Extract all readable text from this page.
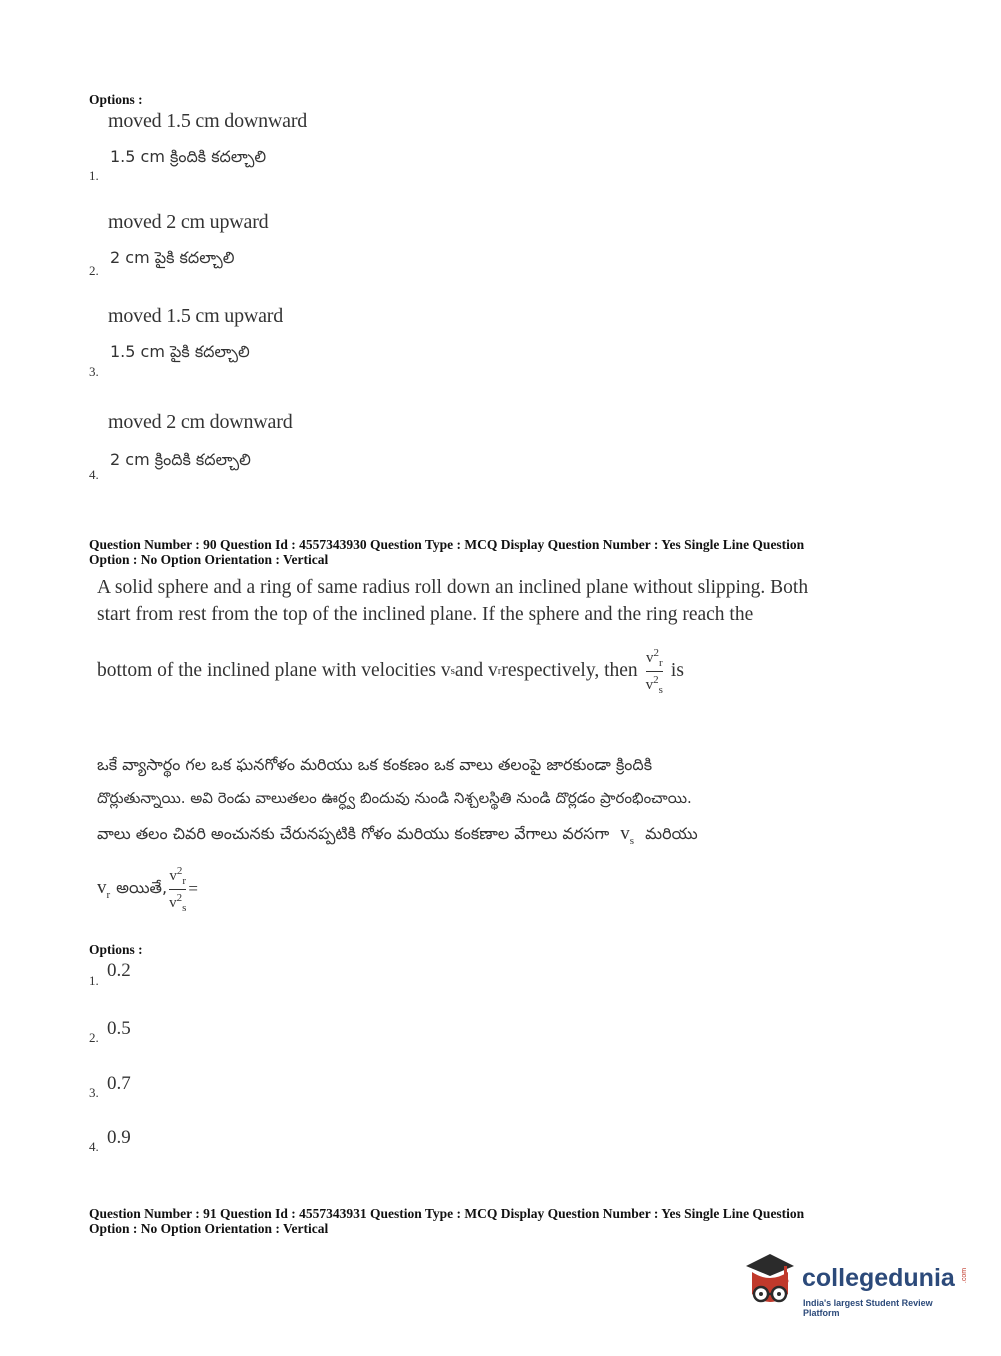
Options :
moved 1.5 cm downward
1.5 cm క్రిందికి కదల్చాలి
1.
moved 2 cm upward
2 cm పైకి కదల్చాలి
2.
moved 1.5 cm upward
1.5 cm పైకి కదల్చాలి
3.
moved 2 cm downward
2 cm క్రిందికి కదల్చాలి
4.
Question Number : 90 Question Id : 4557343930 Question Type : MCQ Display Question Number : Yes Single Line Question
Option : No Option Orientation : Vertical
A solid sphere and a ring of same radius roll down an inclined plane without slipping. Both
start from rest from the top of the inclined plane. If the sphere and the ring reach the
bottom of the inclined plane with velocities v s and v r respectively, then $\frac{v^2_r}{v^2_s}$ is
ఒకే వ్యాసార్థం గల ఒక ఘనగోళం మరియు ఒక కంకణం ఒక వాలు తలంపై జారకుండా క్రిందికి
దొర్లుతున్నాయి. అవి రెండు వాలుతలం ఊర్ధ్వ బిందువు నుండి నిశ్చలస్థితి నుండి దొర్లడం ప్రారంభించాయి.
వాలు తలం చివరి అంచునకు చేరునప్పటికి గోళం మరియు కంకణాల వేగాలు వరసగా $v_s$ మరియు
$v_r$ అయితే, $\frac{v^2_r}{v^2_s}$ =
Options :
1. 0.2
2. 0.5
3. 0.7
4. 0.9
Question Number : 91 Question Id : 4557343931 Question Type : MCQ Display Question Number : Yes Single Line Question
Option : No Option Orientation : Vertical
collegedunia .com
India's largest Student Review Platform
